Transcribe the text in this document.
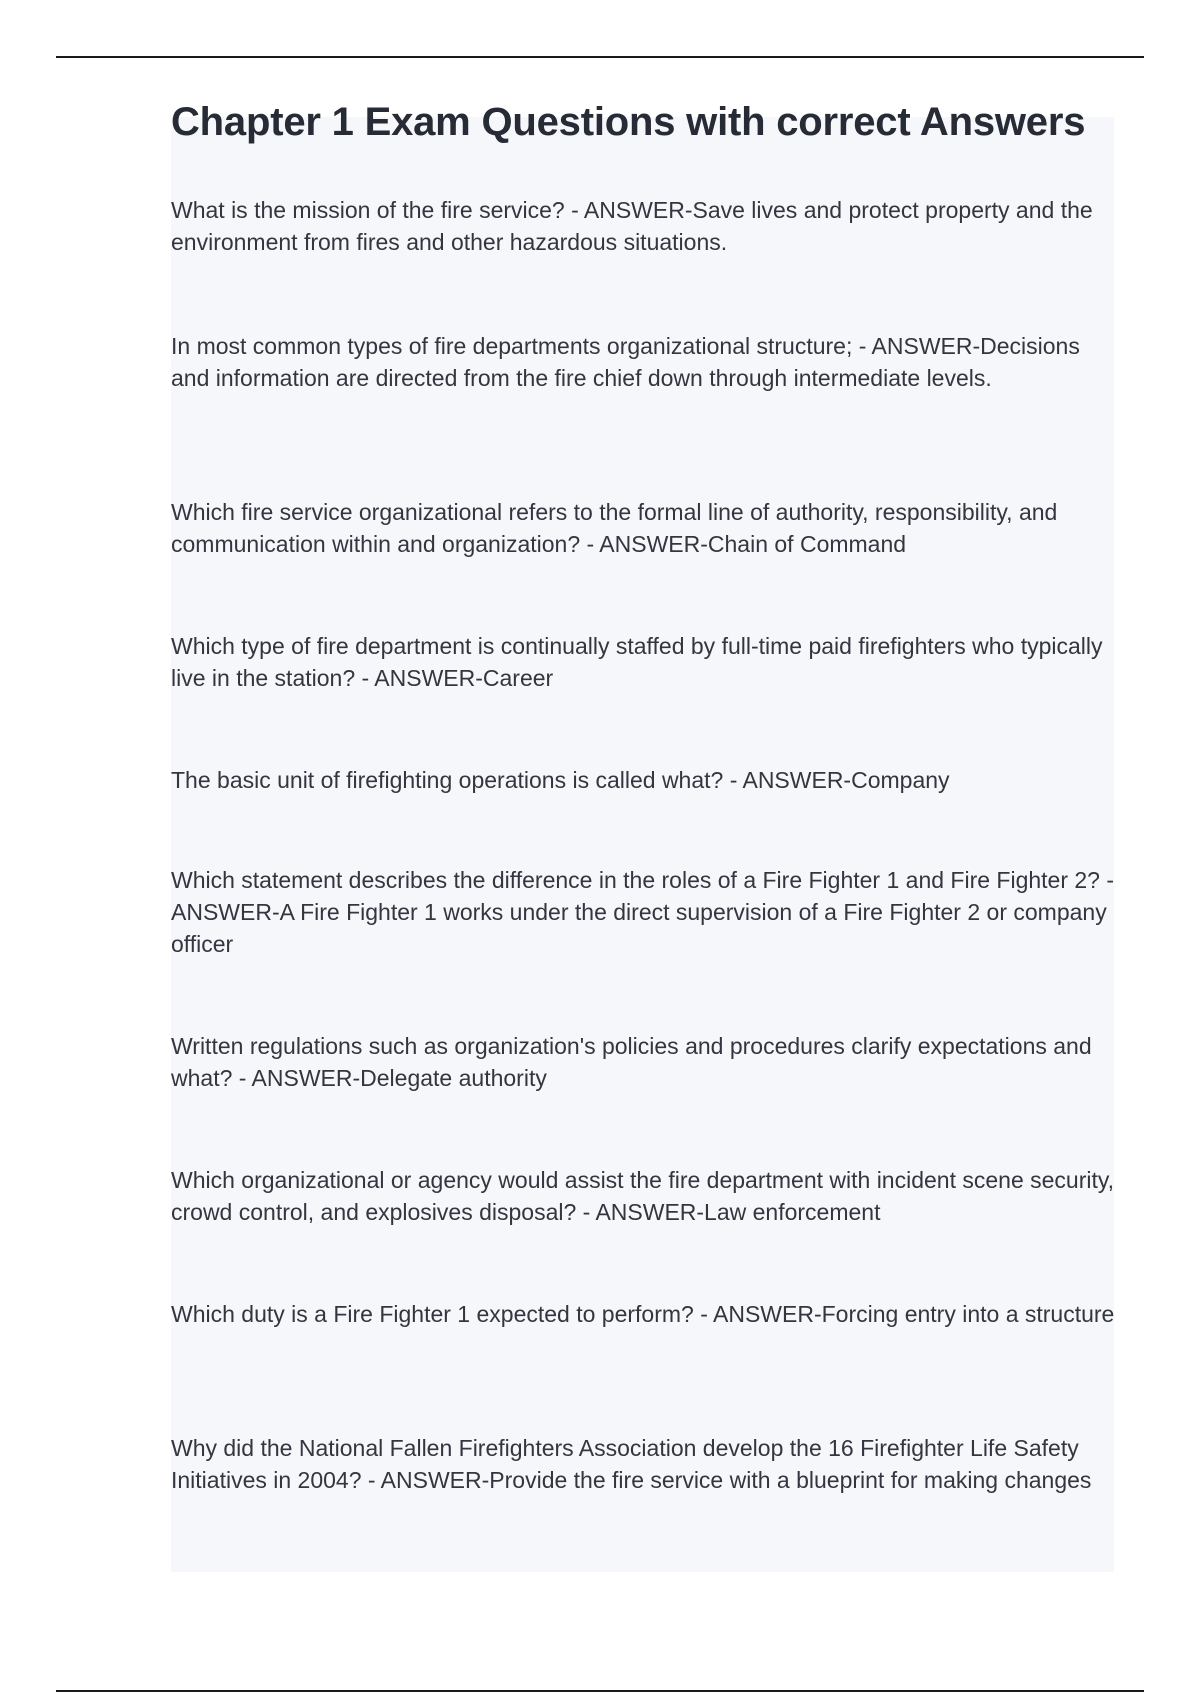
Chapter 1 Exam Questions with correct Answers

What is the mission of the fire service? - ANSWER-Save lives and protect property and the environment from fires and other hazardous situations.

In most common types of fire departments organizational structure; - ANSWER-Decisions and information are directed from the fire chief down through intermediate levels.

Which fire service organizational refers to the formal line of authority, responsibility, and communication within and organization? - ANSWER-Chain of Command

Which type of fire department is continually staffed by full-time paid firefighters who typically live in the station? - ANSWER-Career

The basic unit of firefighting operations is called what? - ANSWER-Company

Which statement describes the difference in the roles of a Fire Fighter 1 and Fire Fighter 2? - ANSWER-A Fire Fighter 1 works under the direct supervision of a Fire Fighter 2 or company officer

Written regulations such as organization's policies and procedures clarify expectations and what? - ANSWER-Delegate authority

Which organizational or agency would assist the fire department with incident scene security, crowd control, and explosives disposal? - ANSWER-Law enforcement

Which duty is a Fire Fighter 1 expected to perform? - ANSWER-Forcing entry into a structure

Why did the National Fallen Firefighters Association develop the 16 Firefighter Life Safety Initiatives in 2004? - ANSWER-Provide the fire service with a blueprint for making changes
